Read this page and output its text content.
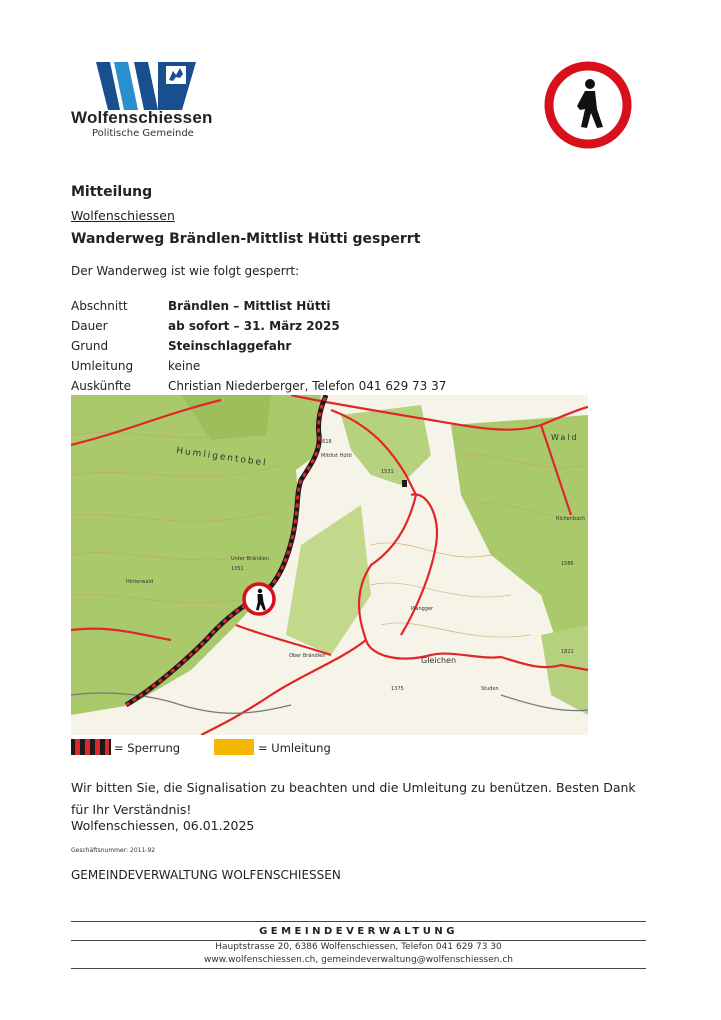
Wolfenschiessen
Politische Gemeinde
Mitteilung
Wolfenschiessen
Wanderweg Brändlen-Mittlist Hütti gesperrt
Der Wanderweg ist wie folgt gesperrt:
Abschnitt	Brändlen – Mittlist Hütti
Dauer	ab sofort – 31. März 2025
Grund	Steinschlaggefahr
Umleitung	keine
Auskünfte	Christian Niederberger, Telefon 041 629 73 37
Humligentobel	Mittlist Hütti
Unter Brändlen
Ober Brändlen	Gleichen
Hinterwald
Richenbach
Wald
Plangger
Studen
1618
1531
1351
1375
1586
1821
= Sperrung	= Umleitung
Wir bitten Sie, die Signalisation zu beachten und die Umleitung zu benützen. Besten Dank für Ihr Verständnis!
Wolfenschiessen, 06.01.2025
Geschäftsnummer: 2011-92
GEMEINDEVERWALTUNG WOLFENSCHIESSEN
GEMEINDEVERWALTUNG
Hauptstrasse 20, 6386 Wolfenschiessen, Telefon 041 629 73 30
www.wolfenschiessen.ch, gemeindeverwaltung@wolfenschiessen.ch
